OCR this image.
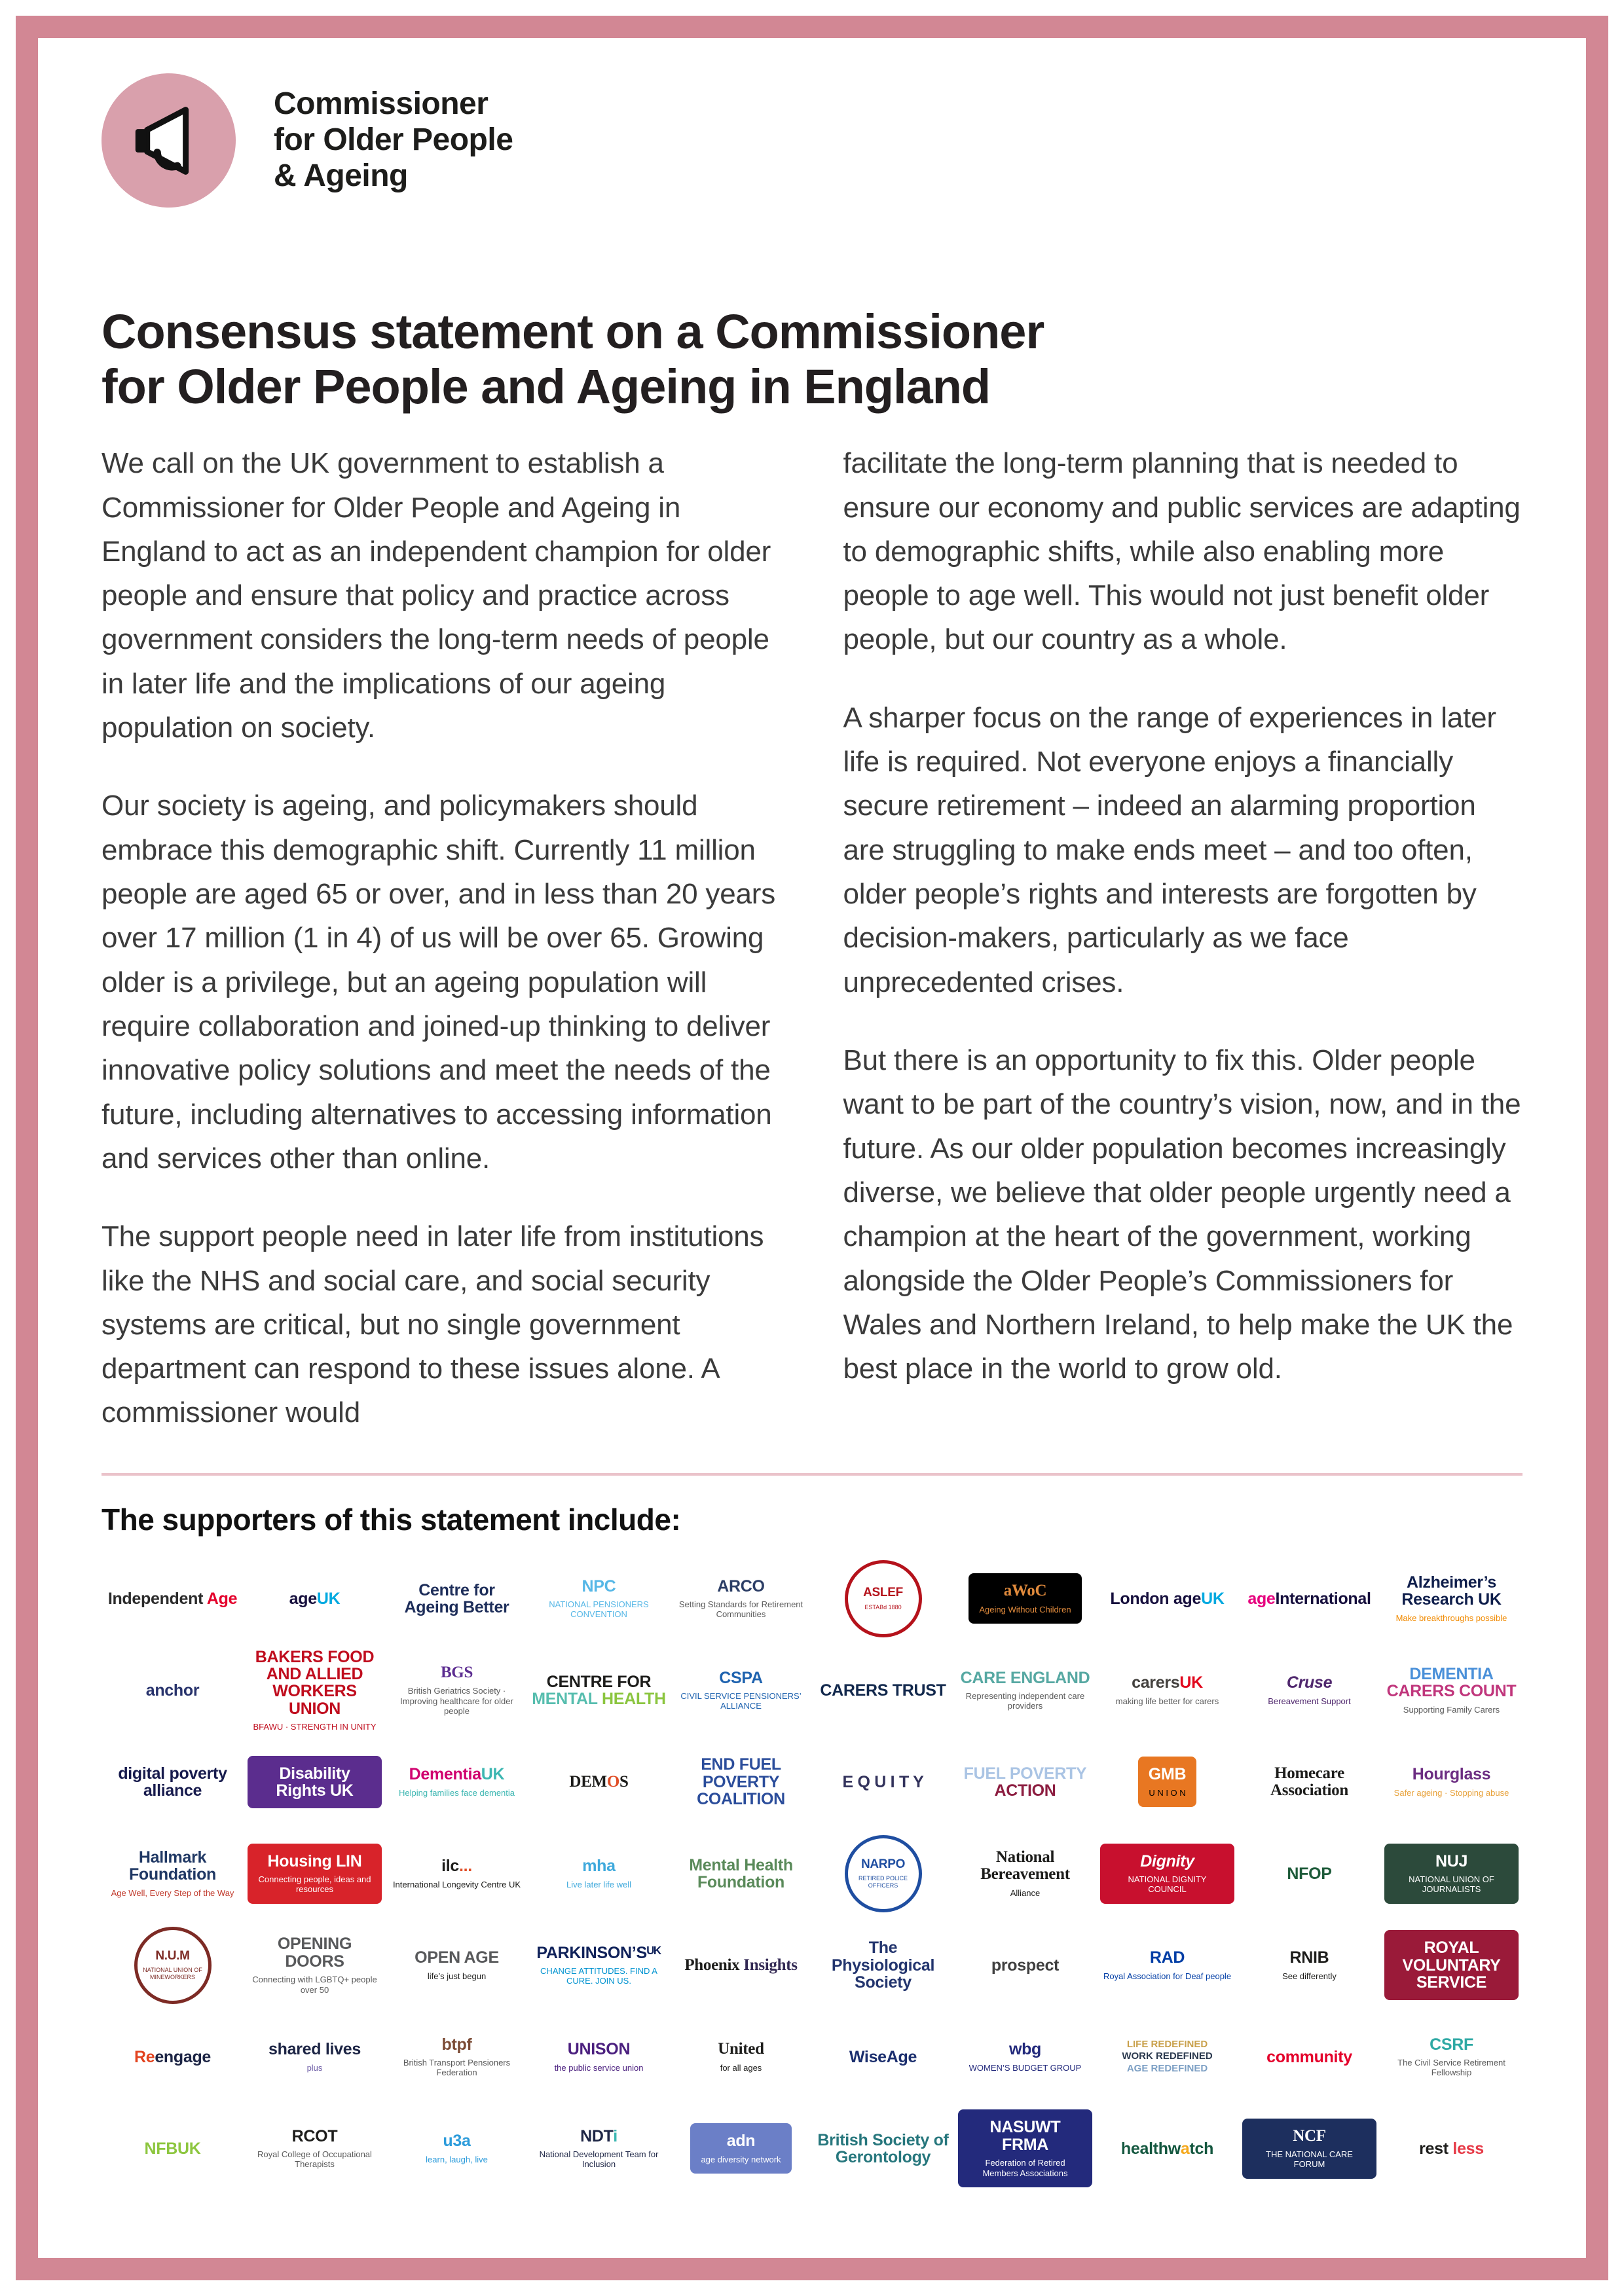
Commissioner
for Older People
& Ageing
Consensus statement on a Commissioner
for Older People and Ageing in England

We call on the UK government to establish a Commissioner for Older People and Ageing in England to act as an independent champion for older people and ensure that policy and practice across government considers the long-term needs of people in later life and the implications of our ageing population on society.

Our society is ageing, and policymakers should embrace this demographic shift. Currently 11 million people are aged 65 or over, and in less than 20 years over 17 million (1 in 4) of us will be over 65. Growing older is a privilege, but an ageing population will require collaboration and joined-up thinking to deliver innovative policy solutions and meet the needs of the future, including alternatives to accessing information and services other than online.

The support people need in later life from institutions like the NHS and social care, and social security systems are critical, but no single government department can respond to these issues alone. A commissioner would

facilitate the long-term planning that is needed to ensure our economy and public services are adapting to demographic shifts, while also enabling more people to age well. This would not just benefit older people, but our country as a whole.

A sharper focus on the range of experiences in later life is required. Not everyone enjoys a financially secure retirement – indeed an alarming proportion are struggling to make ends meet – and too often, older people’s rights and interests are forgotten by decision-makers, particularly as we face unprecedented crises.

But there is an opportunity to fix this. Older people want to be part of the country’s vision, now, and in the future. As our older population becomes increasingly diverse, we believe that older people urgently need a champion at the heart of the government, working alongside the Older People’s Commissioners for Wales and Northern Ireland, to help make the UK the best place in the world to grow old.

The supporters of this statement include:
Independent Age	ageUK	Centre for Ageing Better
NPC
NATIONAL PENSIONERS CONVENTION
ARCO
Setting Standards for Retirement Communities
ASLEF
ESTABd 1880
aWoC
Ageing Without Children
London ageUK ageInternational
Alzheimer’s Research UK
Make breakthroughs possible
anchor
BAKERS FOOD AND ALLIED WORKERS UNION
BFAWU · STRENGTH IN UNITY
BGS
British Geriatrics Society · Improving healthcare for older people
CENTRE FOR MENTAL HEALTH
CSPA
CIVIL SERVICE PENSIONERS’ ALLIANCE
CARERS TRUST
CARE ENGLAND
Representing independent care providers
carersUK
making life better for carers
Cruse
Bereavement Support
DEMENTIA CARERS COUNT
Supporting Family Carers
digital poverty alliance
Disability Rights UK
DementiaUK
Helping families face dementia
DEMOS
END FUEL POVERTY COALITION
E Q U I T Y	FUEL POVERTY ACTION
GMB
U N I O N
Homecare Association
Hourglass
Safer ageing · Stopping abuse
Hallmark Foundation
Age Well, Every Step of the Way
Housing LIN
Connecting people, ideas and resources
ilc...
International Longevity Centre UK
mha
Live later life well
Mental Health Foundation
NARPO
RETIRED POLICE OFFICERS
National Bereavement
Alliance
Dignity
NATIONAL DIGNITY COUNCIL
NFOP
NUJ
NATIONAL UNION OF JOURNALISTS
N.U.M
NATIONAL UNION OF MINEWORKERS
OPENING DOORS
Connecting with LGBTQ+ people over 50
OPEN AGE
life’s just begun
PARKINSON’Sᵁᴷ
CHANGE ATTITUDES. FIND A CURE. JOIN US.
Phoenix Insights
The Physiological Society
prospect	RAD
Royal Association for Deaf people
RNIB
See differently
ROYAL VOLUNTARY SERVICE
Reengage	shared lives
plus
btpf
British Transport Pensioners Federation
UNISON
the public service union
United
for all ages
WiseAge	wbg
WOMEN’S BUDGET GROUP
LIFE REDEFINED
WORK REDEFINED
AGE REDEFINED
community
CSRF
The Civil Service Retirement Fellowship
NFBUK
RCOT
Royal College of Occupational Therapists
u3a
learn, laugh, live
NDTi
National Development Team for Inclusion
adn
age diversity network
British Society of Gerontology
NASUWT FRMA
Federation of Retired Members Associations
healthwatch
NCF
THE NATIONAL CARE FORUM
rest less
